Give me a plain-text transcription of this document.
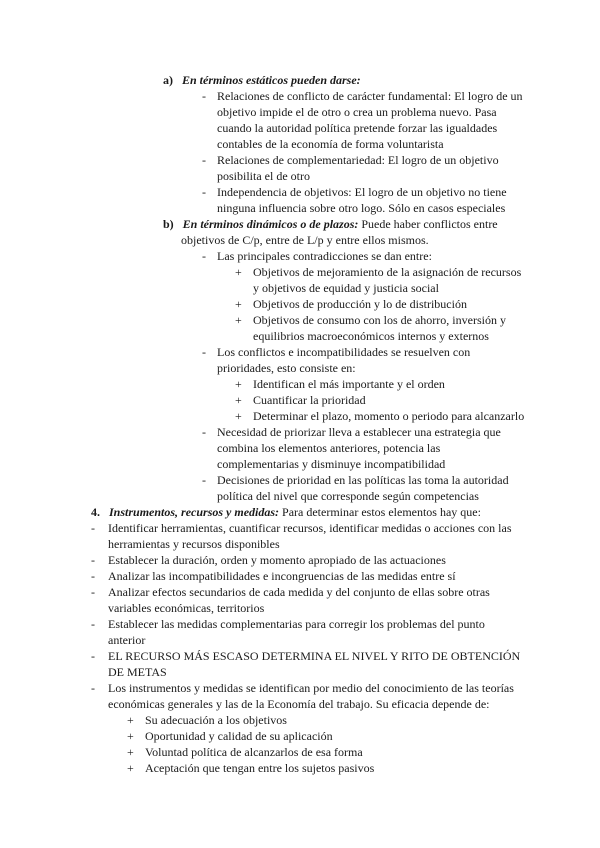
a) En términos estáticos pueden darse:
- Relaciones de conflicto de carácter fundamental: El logro de un
objetivo impide el de otro o crea un problema nuevo. Pasa
cuando la autoridad política pretende forzar las igualdades
contables de la economía de forma voluntarista
- Relaciones de complementariedad: El logro de un objetivo
posibilita el de otro
- Independencia de objetivos: El logro de un objetivo no tiene
ninguna influencia sobre otro logo. Sólo en casos especiales
b) En términos dinámicos o de plazos: Puede haber conflictos entre
objetivos de C/p, entre de L/p y entre ellos mismos.
- Las principales contradicciones se dan entre:
+ Objetivos de mejoramiento de la asignación de recursos
y objetivos de equidad y justicia social
+ Objetivos de producción y lo de distribución
+ Objetivos de consumo con los de ahorro, inversión y
equilibrios macroeconómicos internos y externos
- Los conflictos e incompatibilidades se resuelven con
prioridades, esto consiste en:
+ Identifican el más importante y el orden
+ Cuantificar la prioridad
+ Determinar el plazo, momento o periodo para alcanzarlo
- Necesidad de priorizar lleva a establecer una estrategia que
combina los elementos anteriores, potencia las
complementarias y disminuye incompatibilidad
- Decisiones de prioridad en las políticas las toma la autoridad
política del nivel que corresponde según competencias
4. Instrumentos, recursos y medidas: Para determinar estos elementos hay que:
- Identificar herramientas, cuantificar recursos, identificar medidas o acciones con las
herramientas y recursos disponibles
- Establecer la duración, orden y momento apropiado de las actuaciones
- Analizar las incompatibilidades e incongruencias de las medidas entre sí
- Analizar efectos secundarios de cada medida y del conjunto de ellas sobre otras
variables económicas, territorios
- Establecer las medidas complementarias para corregir los problemas del punto
anterior
- EL RECURSO MÁS ESCASO DETERMINA EL NIVEL Y RITO DE OBTENCIÓN
DE METAS
- Los instrumentos y medidas se identifican por medio del conocimiento de las teorías
económicas generales y las de la Economía del trabajo. Su eficacia depende de:
+ Su adecuación a los objetivos
+ Oportunidad y calidad de su aplicación
+ Voluntad política de alcanzarlos de esa forma
+ Aceptación que tengan entre los sujetos pasivos
